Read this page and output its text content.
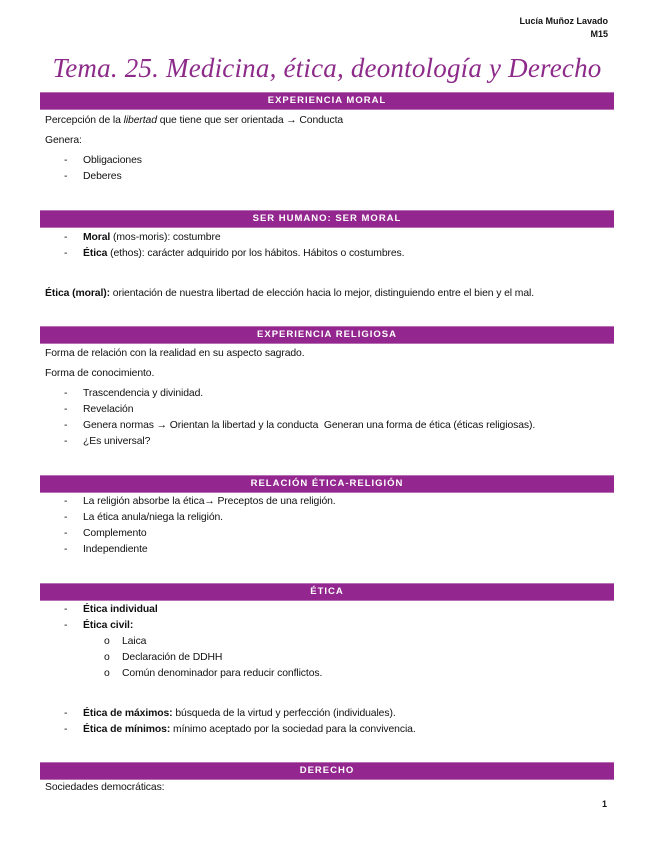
Lucía Muñoz Lavado
M15
Tema. 25. Medicina, ética, deontología y Derecho
EXPERIENCIA MORAL

Percepción de la libertad que tiene que ser orientada → Conducta

Genera:

- Obligaciones
- Deberes
SER HUMANO: SER MORAL
- Moral (mos-moris): costumbre
- Ética (ethos): carácter adquirido por los hábitos. Hábitos o costumbres.

Ética (moral): orientación de nuestra libertad de elección hacia lo mejor, distinguiendo entre el bien y el mal.

EXPERIENCIA RELIGIOSA

Forma de relación con la realidad en su aspecto sagrado.

Forma de conocimiento.

- Trascendencia y divinidad.
- Revelación
- Genera normas → Orientan la libertad y la conducta  Generan una forma de ética (éticas religiosas).
- ¿Es universal?
RELACIÓN ÉTICA-RELIGIÓN
- La religión absorbe la ética→ Preceptos de una religión.
- La ética anula/niega la religión.
- Complemento
- Independiente
ÉTICA
- Ética individual
- Ética civil:
o Laica
o Declaración de DDHH
o Común denominador para reducir conflictos.
- Ética de máximos: búsqueda de la virtud y perfección (individuales).
- Ética de mínimos: mínimo aceptado por la sociedad para la convivencia.
DERECHO

Sociedades democráticas:

1
